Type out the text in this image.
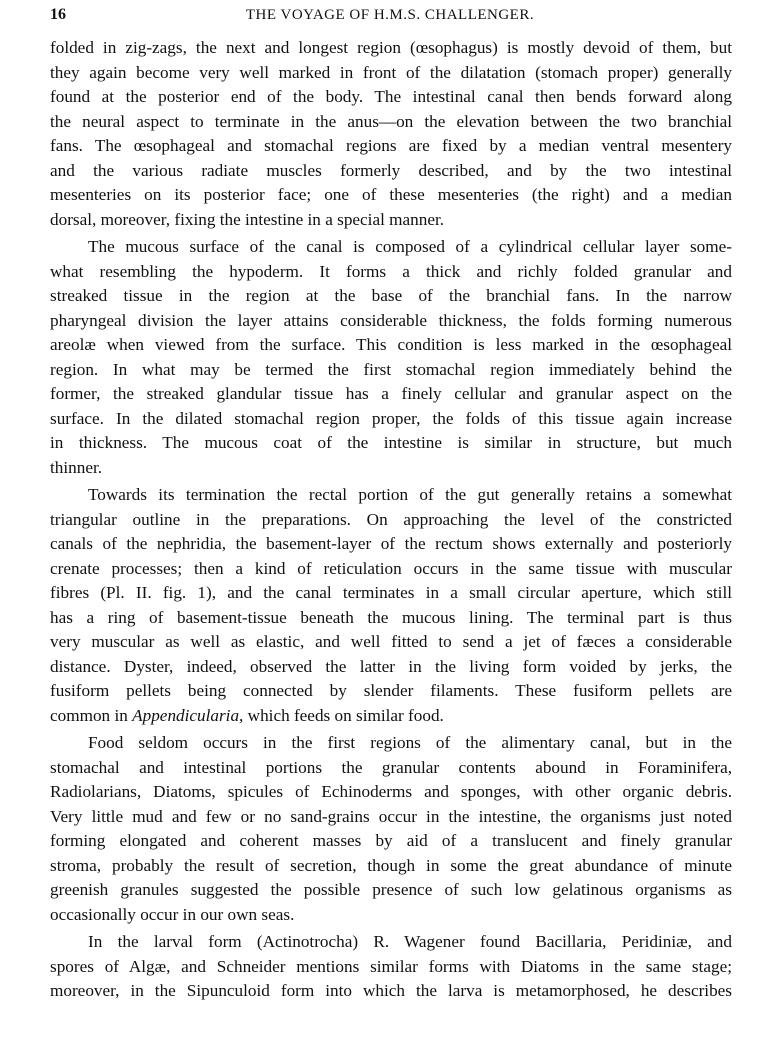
16	THE VOYAGE OF H.M.S. CHALLENGER.
folded in zig-zags, the next and longest region (œsophagus) is mostly devoid of them, but
they again become very well marked in front of the dilatation (stomach proper) generally
found at the posterior end of the body. The intestinal canal then bends forward along
the neural aspect to terminate in the anus—on the elevation between the two branchial
fans. The œsophageal and stomachal regions are fixed by a median ventral mesentery
and the various radiate muscles formerly described, and by the two intestinal
mesenteries on its posterior face; one of these mesenteries (the right) and a median
dorsal, moreover, fixing the intestine in a special manner.
The mucous surface of the canal is composed of a cylindrical cellular layer some-
what resembling the hypoderm. It forms a thick and richly folded granular and
streaked tissue in the region at the base of the branchial fans. In the narrow
pharyngeal division the layer attains considerable thickness, the folds forming numerous
areolæ when viewed from the surface. This condition is less marked in the œsophageal
region. In what may be termed the first stomachal region immediately behind the
former, the streaked glandular tissue has a finely cellular and granular aspect on the
surface. In the dilated stomachal region proper, the folds of this tissue again increase
in thickness. The mucous coat of the intestine is similar in structure, but much
thinner.
Towards its termination the rectal portion of the gut generally retains a somewhat
triangular outline in the preparations. On approaching the level of the constricted
canals of the nephridia, the basement-layer of the rectum shows externally and posteriorly
crenate processes; then a kind of reticulation occurs in the same tissue with muscular
fibres (Pl. II. fig. 1), and the canal terminates in a small circular aperture, which still
has a ring of basement-tissue beneath the mucous lining. The terminal part is thus
very muscular as well as elastic, and well fitted to send a jet of fæces a considerable
distance. Dyster, indeed, observed the latter in the living form voided by jerks, the
fusiform pellets being connected by slender filaments. These fusiform pellets are
common in Appendicularia, which feeds on similar food.
Food seldom occurs in the first regions of the alimentary canal, but in the
stomachal and intestinal portions the granular contents abound in Foraminifera,
Radiolarians, Diatoms, spicules of Echinoderms and sponges, with other organic debris.
Very little mud and few or no sand-grains occur in the intestine, the organisms just noted
forming elongated and coherent masses by aid of a translucent and finely granular
stroma, probably the result of secretion, though in some the great abundance of minute
greenish granules suggested the possible presence of such low gelatinous organisms as
occasionally occur in our own seas.
In the larval form (Actinotrocha) R. Wagener found Bacillaria, Peridiniæ, and
spores of Algæ, and Schneider mentions similar forms with Diatoms in the same stage;
moreover, in the Sipunculoid form into which the larva is metamorphosed, he describes
